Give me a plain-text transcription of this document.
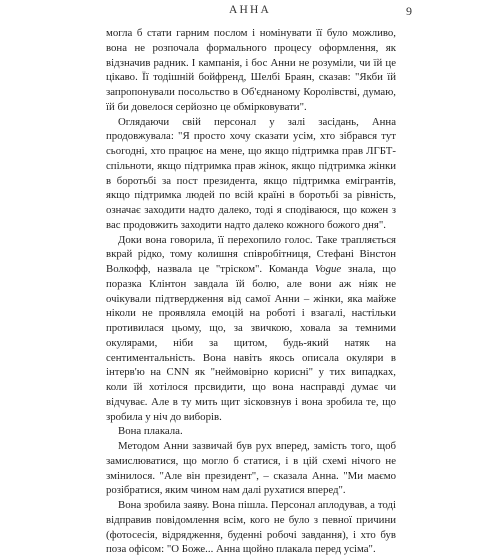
АННА	9

могла б стати гарним послом і номінувати її було можливо, вона не розпочала формального процесу оформлення, як відзначив радник. І кампанія, і бос Анни не розуміли, чи їй це цікаво. Її тодішній бойфренд, Шелбі Браян, сказав: "Якби їй запропонували посольство в Об'єднаному Королівстві, думаю, їй би довелося серйозно це обмірковувати".

Оглядаючи свій персонал у залі засідань, Анна продовжувала: "Я просто хочу сказати усім, хто зібрався тут сьогодні, хто працює на мене, що якщо підтримка прав ЛГБТ-спільноти, якщо підтримка прав жінок, якщо підтримка жінки в боротьбі за пост президента, якщо підтримка емігрантів, якщо підтримка людей по всій країні в боротьбі за рівність, означає заходити надто далеко, тоді я сподіваюся, що кожен з вас продовжить заходити надто далеко кожного божого дня".

Доки вона говорила, її перехопило голос. Таке трапляється вкрай рідко, тому колишня співробітниця, Стефані Вінстон Волкофф, назвала це "тріском". Команда Vogue знала, що поразка Клінтон завдала їй болю, але вони аж ніяк не очікували підтвердження від самої Анни – жінки, яка майже ніколи не проявляла емоцій на роботі і взагалі, настільки противилася цьому, що, за звичкою, ховала за темними окулярами, ніби за щитом, будь-який натяк на сентиментальність. Вона навіть якось описала окуляри в інтерв'ю на CNN як "неймовірно корисні" у тих випадках, коли їй хотілося прсвидити, що вона насправді думає чи відчуває. Але в ту мить щит зісковзнув і вона зробила те, що зробила у ніч до виборів.

Вона плакала.

Методом Анни зазвичай був рух вперед, замість того, щоб замислюватися, що могло б статися, і в цій схемі нічого не змінилося. "Але він президент", – сказала Анна. "Ми маємо розібратися, яким чином нам далі рухатися вперед".

Вона зробила заяву. Вона пішла. Персонал аплодував, а тоді відправив повідомлення всім, кого не було з певної причини (фотосесія, відрядження, буденні робочі завдання), і хто був поза офісом: "О Боже... Анна щойно плакала перед усіма".
